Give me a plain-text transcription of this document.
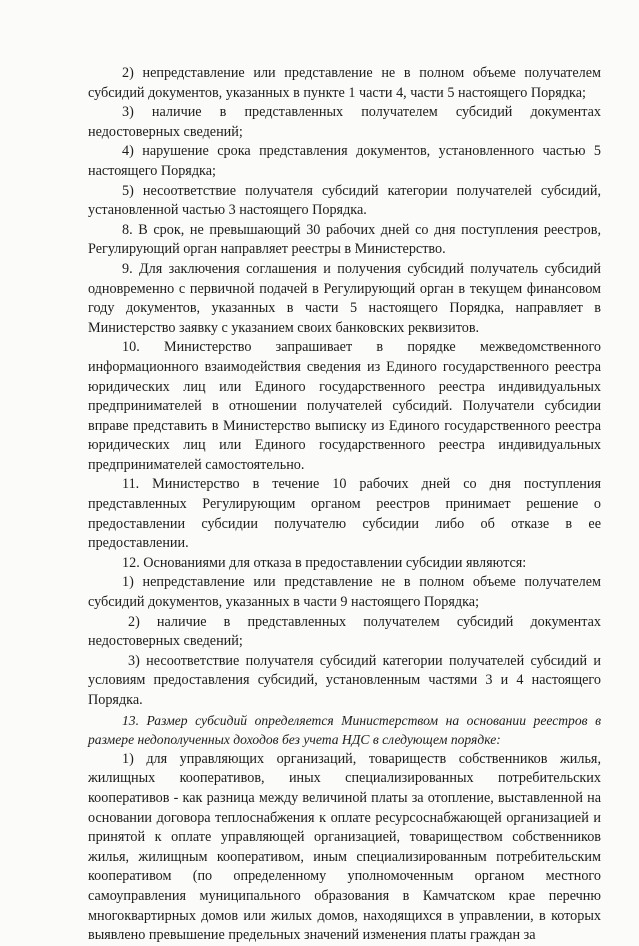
2) непредставление или представление не в полном объеме получателем субсидий документов, указанных в пункте 1 части 4, части 5 настоящего Порядка;

3) наличие в представленных получателем субсидий документах недостоверных сведений;

4) нарушение срока представления документов, установленного частью 5 настоящего Порядка;

5) несоответствие получателя субсидий категории получателей субсидий, установленной частью 3 настоящего Порядка.

8. В срок, не превышающий 30 рабочих дней со дня поступления реестров, Регулирующий орган направляет реестры в Министерство.

9. Для заключения соглашения и получения субсидий получатель субсидий одновременно с первичной подачей в Регулирующий орган в текущем финансовом году документов, указанных в части 5 настоящего Порядка, направляет в Министерство заявку с указанием своих банковских реквизитов.

10. Министерство запрашивает в порядке межведомственного информационного взаимодействия сведения из Единого государственного реестра юридических лиц или Единого государственного реестра индивидуальных предпринимателей в отношении получателей субсидий. Получатели субсидии вправе представить в Министерство выписку из Единого государственного реестра юридических лиц или Единого государственного реестра индивидуальных предпринимателей самостоятельно.

11. Министерство в течение 10 рабочих дней со дня поступления представленных Регулирующим органом реестров принимает решение о предоставлении субсидии получателю субсидии либо об отказе в ее предоставлении.

12. Основаниями для отказа в предоставлении субсидии являются:

1) непредставление или представление не в полном объеме получателем субсидий документов, указанных в части 9 настоящего Порядка;

2) наличие в представленных получателем субсидий документах недостоверных сведений;

3) несоответствие получателя субсидий категории получателей субсидий и условиям предоставления субсидий, установленным частями 3 и 4 настоящего Порядка.

13. Размер субсидий определяется Министерством на основании реестров в размере недополученных доходов без учета НДС в следующем порядке:

1) для управляющих организаций, товариществ собственников жилья, жилищных кооперативов, иных специализированных потребительских кооперативов - как разница между величиной платы за отопление, выставленной на основании договора теплоснабжения к оплате ресурсоснабжающей организацией и принятой к оплате управляющей организацией, товариществом собственников жилья, жилищным кооперативом, иным специализированным потребительским кооперативом (по определенному уполномоченным органом местного самоуправления муниципального образования в Камчатском крае перечню многоквартирных домов или жилых домов, находящихся в управлении, в которых выявлено превышение предельных значений изменения платы граждан за
